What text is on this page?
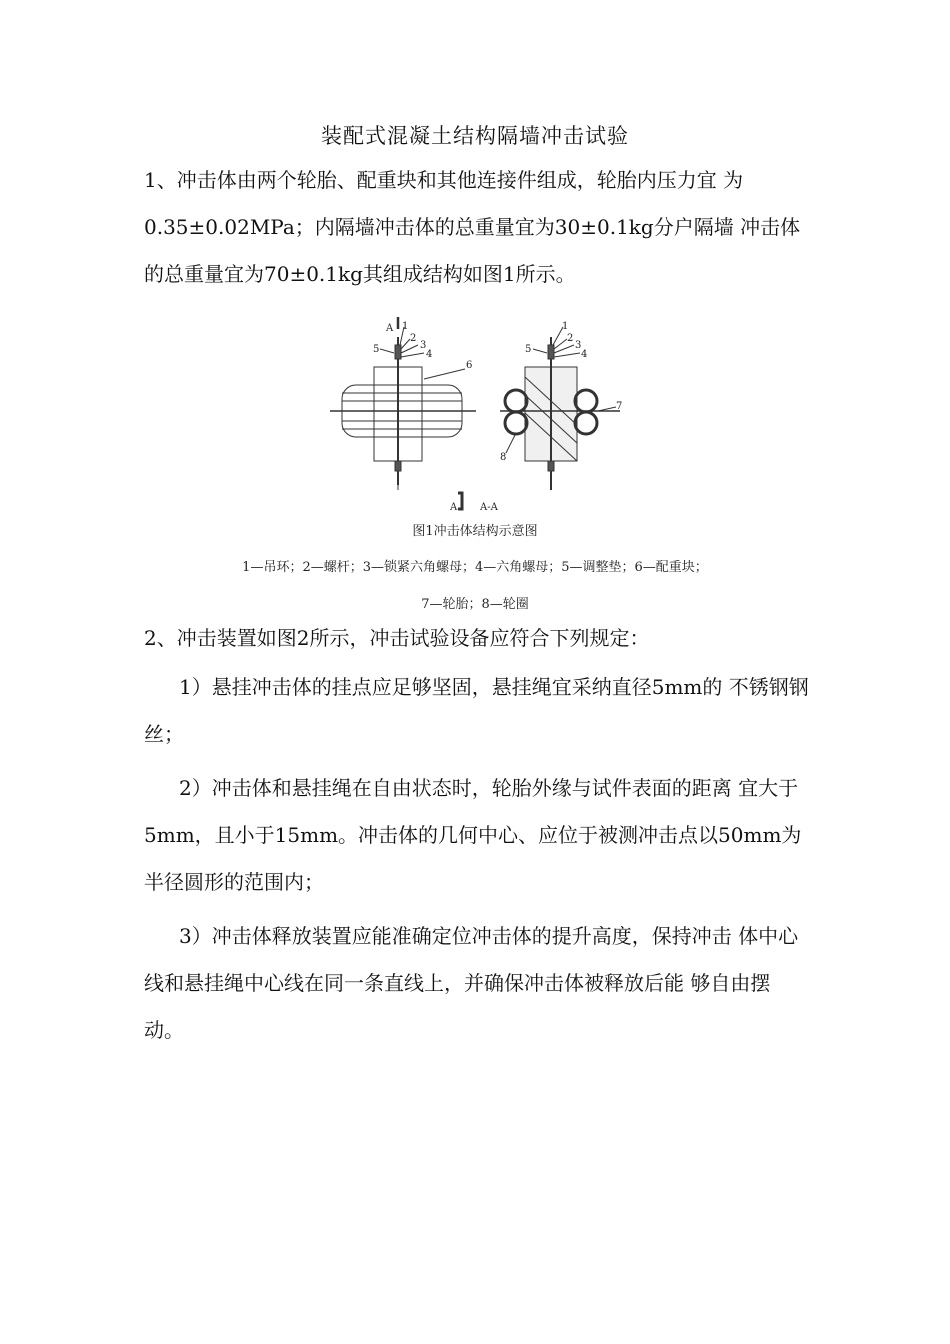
装配式混凝土结构隔墙冲击试验
1、冲击体由两个轮胎、配重块和其他连接件组成，轮胎内压力宜 为0.35±0.02MPa；内隔墙冲击体的总重量宜为30±0.1kg分户隔墙 冲击体的总重量宜为70±0.1kg其组成结构如图1所示。
A 1
2
3
4
5
6
1
2
3
4
5
7
8
A A-A
图1冲击体结构示意图
1—吊环；2—螺杆；3—锁紧六角螺母；4—六角螺母；5—调整垫；6—配重块；
7—轮胎；8—轮圈
2、冲击装置如图2所示，冲击试验设备应符合下列规定：
1）悬挂冲击体的挂点应足够坚固，悬挂绳宜采纳直径5mm的 不锈钢钢丝；
2）冲击体和悬挂绳在自由状态时，轮胎外缘与试件表面的距离 宜大于5mm，且小于15mm。冲击体的几何中心、应位于被测冲击点以50mm为半径圆形的范围内；
3）冲击体释放装置应能准确定位冲击体的提升高度，保持冲击 体中心线和悬挂绳中心线在同一条直线上，并确保冲击体被释放后能 够自由摆动。
